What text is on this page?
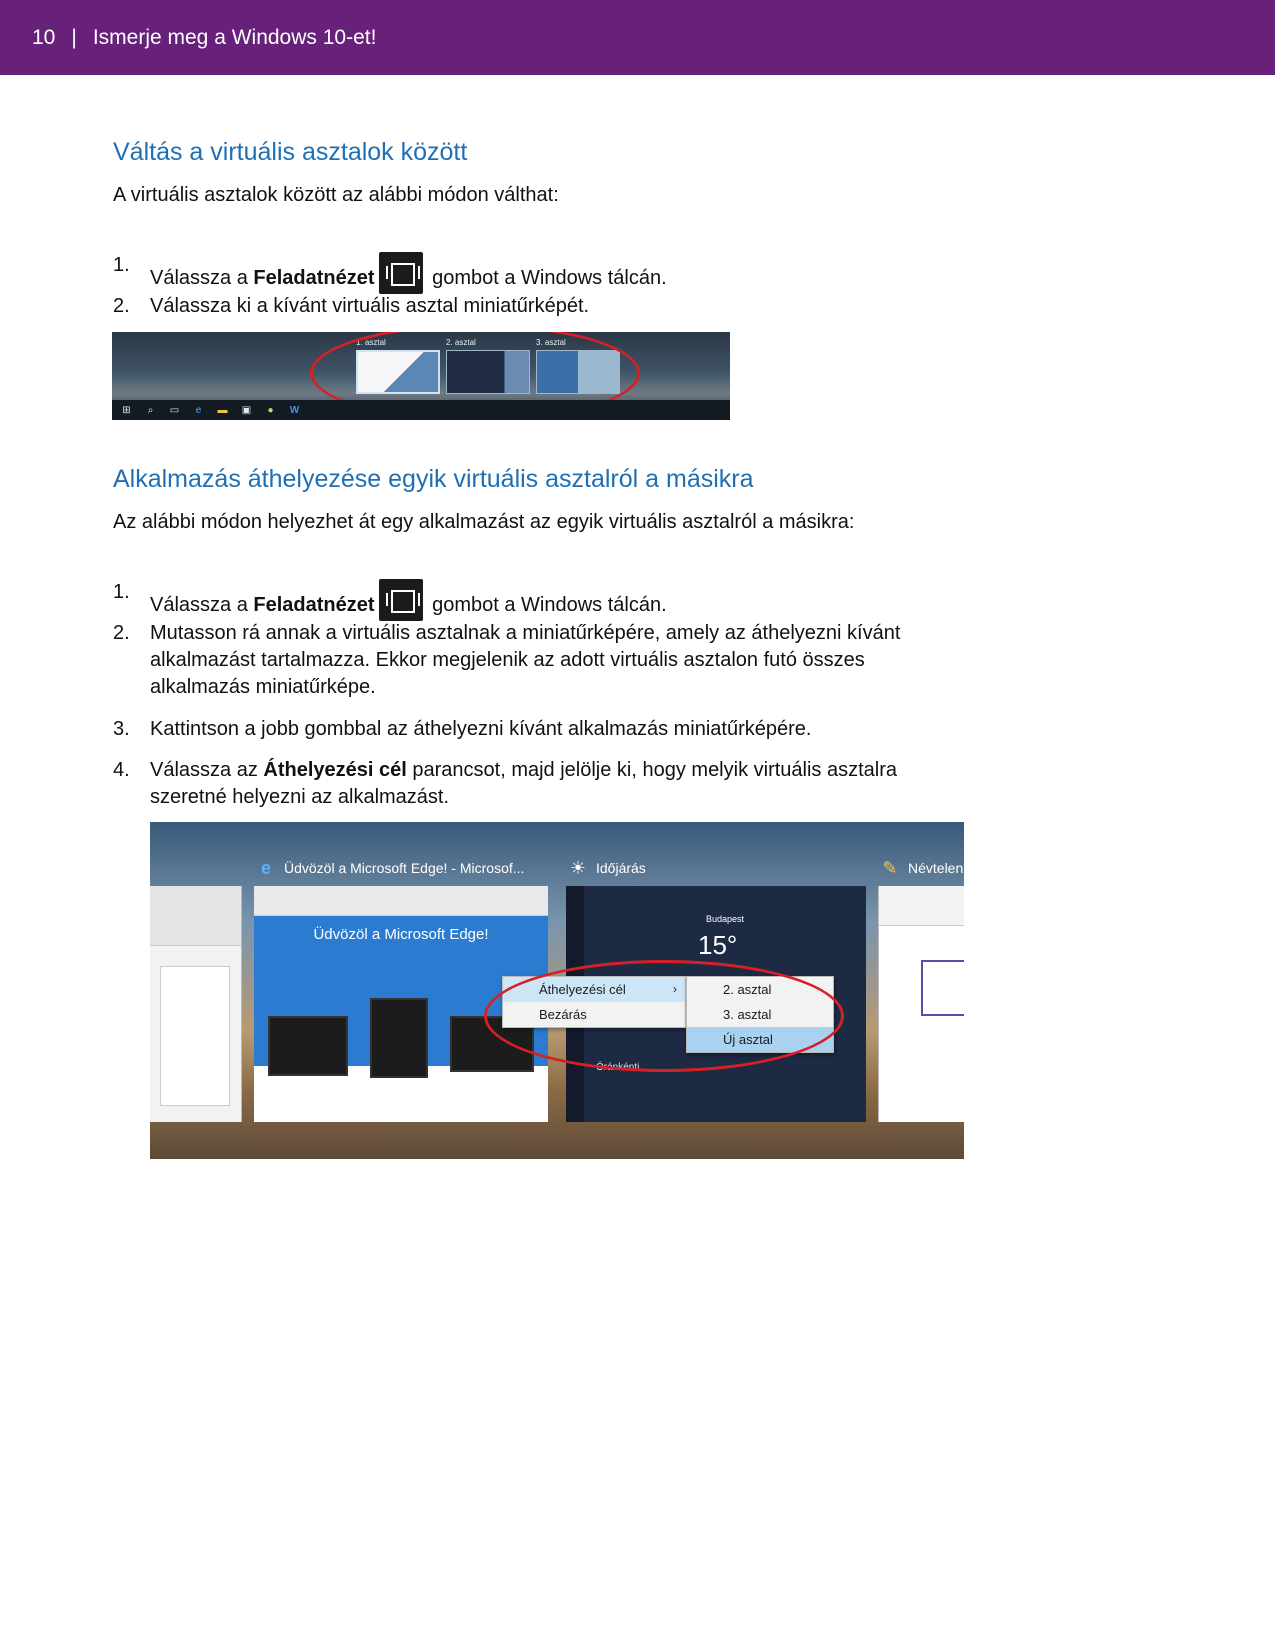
10 | Ismerje meg a Windows 10-et!
Váltás a virtuális asztalok között

A virtuális asztalok között az alábbi módon válthat:

1.
Válassza a Feladatnézet	gombot a Windows tálcán.
2.	Válassza ki a kívánt virtuális asztal miniatűrképét.
1. asztal	2. asztal	3. asztal
⊞	⌕	▭	e	▬ ▣	●	W
Alkalmazás áthelyezése egyik virtuális asztalról a másikra

Az alábbi módon helyezhet át egy alkalmazást az egyik virtuális asztalról a másikra:

1.
Válassza a Feladatnézet	gombot a Windows tálcán.
2.	Mutasson rá annak a virtuális asztalnak a miniatűrképére, amely az áthelyezni kívánt alkalmazást tartalmazza. Ekkor megjelenik az adott virtuális asztalon futó összes alkalmazás miniatűrképe.
3.	Kattintson a jobb gombbal az áthelyezni kívánt alkalmazás miniatűrképére.
4.	Válassza az Áthelyezési cél parancsot, majd jelölje ki, hogy melyik virtuális asztalra szeretné helyezni az alkalmazást.
e Üdvözöl a Microsoft Edge! - Microsof...	☀ Időjárás	✎ Névtelen
Üdvözöl a Microsoft Edge!
Budapest
15°
Óránkénti
Áthelyezési cél	›
Bezárás
2. asztal
3. asztal
Új asztal
